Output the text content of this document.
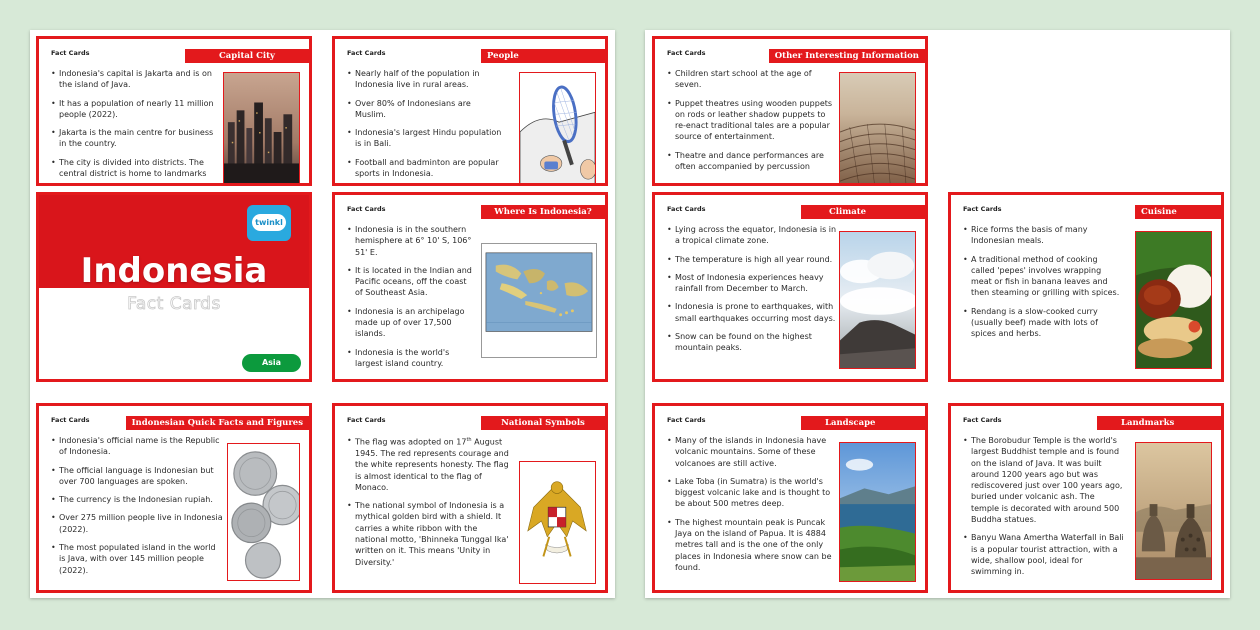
twinkl
Indonesia
Fact Cards
Asia
Fact Cards	Capital City
• Indonesia's capital is Jakarta and is on the island of Java.
• It has a population of nearly 11 million people (2022).
• Jakarta is the main centre for business in the country.
• The city is divided into districts. The central district is home to landmarks
Fact Cards	People
• Nearly half of the population in Indonesia live in rural areas.
• Over 80% of Indonesians are Muslim.
• Indonesia's largest Hindu population is in Bali.
• Football and badminton are popular sports in Indonesia.
Fact Cards	Other Interesting Information
• Children start school at the age of seven.
• Puppet theatres using wooden puppets on rods or leather shadow puppets to re-enact traditional tales are a popular source of entertainment.
• Theatre and dance performances are often accompanied by percussion
Fact Cards	Where Is Indonesia?
• Indonesia is in the southern hemisphere at 6° 10' S, 106° 51' E.
• It is located in the Indian and Pacific oceans, off the coast of Southeast Asia.
• Indonesia is an archipelago made up of over 17,500 islands.
• Indonesia is the world's largest island country.
Fact Cards	Climate
• Lying across the equator, Indonesia is in a tropical climate zone.
• The temperature is high all year round.
• Most of Indonesia experiences heavy rainfall from December to March.
• Indonesia is prone to earthquakes, with small earthquakes occurring most days.
• Snow can be found on the highest mountain peaks.
Fact Cards	Cuisine
• Rice forms the basis of many Indonesian meals.
• A traditional method of cooking called 'pepes' involves wrapping meat or fish in banana leaves and then steaming or grilling with spices.
• Rendang is a slow-cooked curry (usually beef) made with lots of spices and herbs.
Fact Cards	Indonesian Quick Facts and Figures
• Indonesia's official name is the Republic of Indonesia.
• The official language is Indonesian but over 700 languages are spoken.
• The currency is the Indonesian rupiah.
• Over 275 million people live in Indonesia (2022).
• The most populated island in the world is Java, with over 145 million people (2022).
Fact Cards	National Symbols
• The flag was adopted on 17th August 1945. The red represents courage and the white represents honesty. The flag is almost identical to the flag of Monaco.
• The national symbol of Indonesia is a mythical golden bird with a shield. It carries a white ribbon with the national motto, 'Bhinneka Tunggal Ika' written on it. This means 'Unity in Diversity.'
Fact Cards	Landscape
• Many of the islands in Indonesia have volcanic mountains. Some of these volcanoes are still active.
• Lake Toba (in Sumatra) is the world's biggest volcanic lake and is thought to be about 500 metres deep.
• The highest mountain peak is Puncak Jaya on the island of Papua. It is 4884 metres tall and is the one of the only places in Indonesia where snow can be found.
Fact Cards	Landmarks
• The Borobudur Temple is the world's largest Buddhist temple and is found on the island of Java. It was built around 1200 years ago but was rediscovered just over 100 years ago, buried under volcanic ash. The temple is decorated with around 500 Buddha statues.
• Banyu Wana Amertha Waterfall in Bali is a popular tourist attraction, with a wide, shallow pool, ideal for swimming in.
